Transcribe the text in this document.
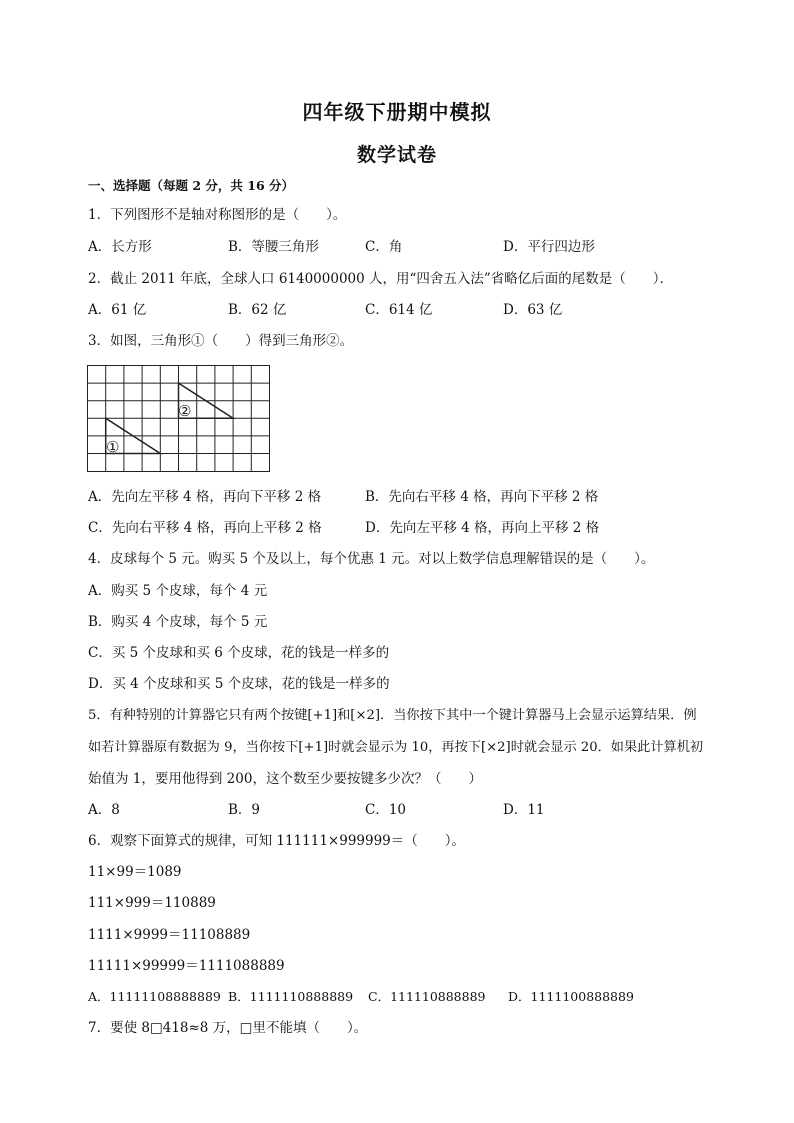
四年级下册期中模拟
数学试卷
一、选择题（每题 2 分，共 16 分）
1．下列图形不是轴对称图形的是（　　）。
A．长方形	B．等腰三角形	C．角	D．平行四边形
2．截止 2011 年底，全球人口 6140000000 人，用“四舍五入法”省略亿后面的尾数是（　　）．
A．61 亿	B．62 亿	C．614 亿	D．63 亿
3．如图，三角形①（　　）得到三角形②。
①
②
A．先向左平移 4 格，再向下平移 2 格	B．先向右平移 4 格，再向下平移 2 格
C．先向右平移 4 格，再向上平移 2 格	D．先向左平移 4 格，再向上平移 2 格
4．皮球每个 5 元。购买 5 个及以上，每个优惠 1 元。对以上数学信息理解错误的是（　　）。
A．购买 5 个皮球，每个 4 元
B．购买 4 个皮球，每个 5 元
C．买 5 个皮球和买 6 个皮球，花的钱是一样多的
D．买 4 个皮球和买 5 个皮球，花的钱是一样多的
5．有种特别的计算器它只有两个按键[+1]和[×2]．当你按下其中一个键计算器马上会显示运算结果．例
如若计算器原有数据为 9，当你按下[+1]时就会显示为 10，再按下[×2]时就会显示 20．如果此计算机初
始值为 1，要用他得到 200，这个数至少要按键多少次？（　　）
A．8	B．9	C．10	D．11
6．观察下面算式的规律，可知 111111×999999＝（　　）。
11×99＝1089
111×999＝110889
1111×9999＝11108889
11111×99999＝1111088889
A．11111108888889 B．1111110888889 C．111110888889 D．1111100888889
7．要使 8□418≈8 万，□里不能填（　　）。
